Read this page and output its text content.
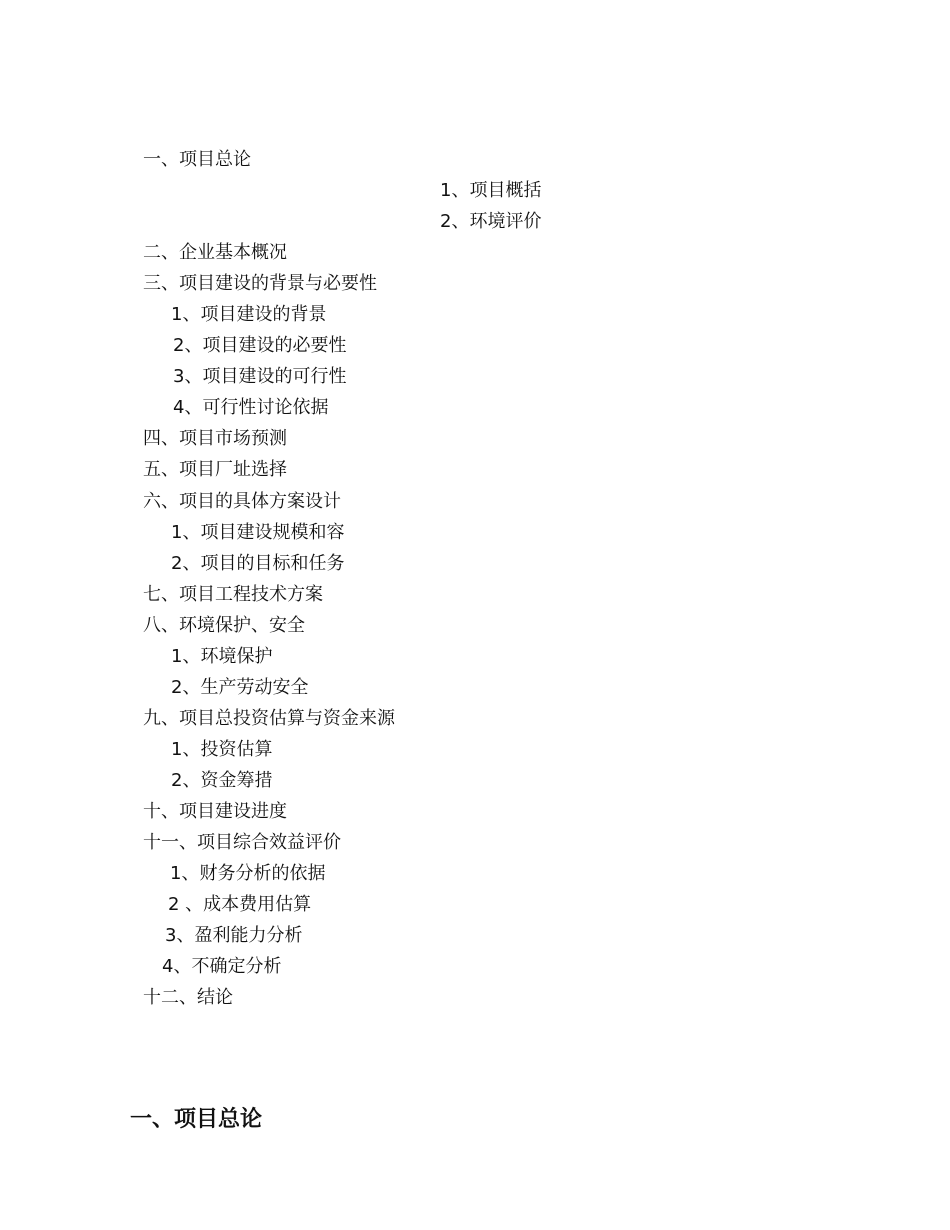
一、项目总论
1、项目概括
2、环境评价
二、企业基本概况
三、项目建设的背景与必要性
1、项目建设的背景
2、项目建设的必要性
3、项目建设的可行性
4、可行性讨论依据
四、项目市场预测
五、项目厂址选择
六、项目的具体方案设计
1、项目建设规模和容
2、项目的目标和任务
七、项目工程技术方案
八、环境保护、安全
1、环境保护
2、生产劳动安全
九、项目总投资估算与资金来源
1、投资估算
2、资金筹措
十、项目建设进度
十一、项目综合效益评价
1、财务分析的依据
2 、成本费用估算
3、盈利能力分析
4、不确定分析
十二、结论
一、项目总论
